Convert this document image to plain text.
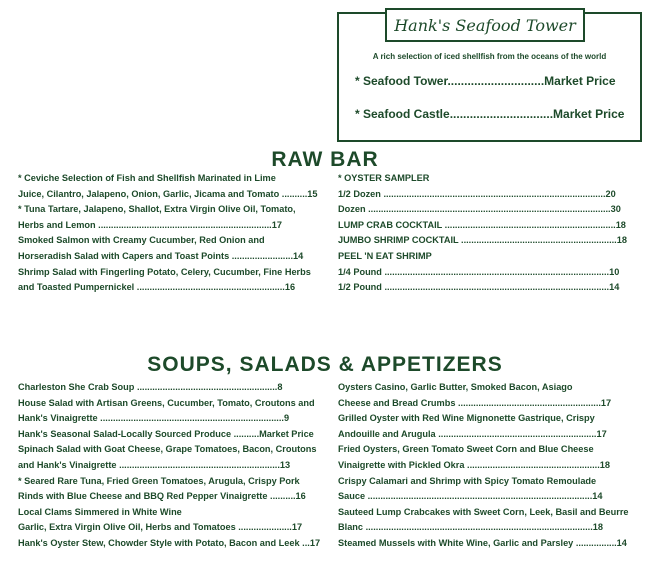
Hank's Seafood Tower
A rich selection of iced shellfish from the oceans of the world
* Seafood Tower.............................Market Price
* Seafood Castle...............................Market Price
RAW BAR
* Ceviche Selection of Fish and Shellfish Marinated in Lime
Juice, Cilantro, Jalapeno, Onion, Garlic, Jicama and Tomato ..........15
* Tuna Tartare, Jalapeno, Shallot, Extra Virgin Olive Oil, Tomato,
Herbs and Lemon ....................................................................17
Smoked Salmon with Creamy Cucumber, Red Onion and
Horseradish Salad with Capers and Toast Points ........................14
Shrimp Salad with Fingerling Potato, Celery, Cucumber, Fine Herbs
and Toasted Pumpernickel ..........................................................16
* OYSTER SAMPLER
1/2 Dozen .......................................................................................20
Dozen ...............................................................................................30
LUMP CRAB COCKTAIL ...................................................................18
JUMBO SHRIMP COCKTAIL .............................................................18
PEEL 'N EAT SHRIMP
1/4 Pound ........................................................................................10
1/2 Pound ........................................................................................14
SOUPS, SALADS & APPETIZERS
Charleston She Crab Soup .......................................................8
House Salad with Artisan Greens, Cucumber, Tomato, Croutons and
Hank's Vinaigrette ........................................................................9
Hank's Seasonal Salad-Locally Sourced Produce ..........Market Price
Spinach Salad with Goat Cheese, Grape Tomatoes, Bacon, Croutons
and Hank's Vinaigrette ...............................................................13
* Seared Rare Tuna, Fried Green Tomatoes, Arugula, Crispy Pork
Rinds with Blue Cheese and BBQ Red Pepper Vinaigrette ..........16
Local Clams Simmered in White Wine
Garlic, Extra Virgin Olive Oil, Herbs and Tomatoes .....................17
Hank's Oyster Stew, Chowder Style with Potato, Bacon and Leek ...17
Oysters Casino, Garlic Butter, Smoked Bacon, Asiago
Cheese and Bread Crumbs ........................................................17
Grilled Oyster with Red Wine Mignonette Gastrique, Crispy
Andouille and Arugula ..............................................................17
Fried Oysters, Green Tomato Sweet Corn and Blue Cheese
Vinaigrette with Pickled Okra ....................................................18
Crispy Calamari and Shrimp with Spicy Tomato Remoulade
Sauce ........................................................................................14
Sauteed Lump Crabcakes with Sweet Corn, Leek, Basil and Beurre
Blanc .........................................................................................18
Steamed Mussels with White Wine, Garlic and Parsley ................14
